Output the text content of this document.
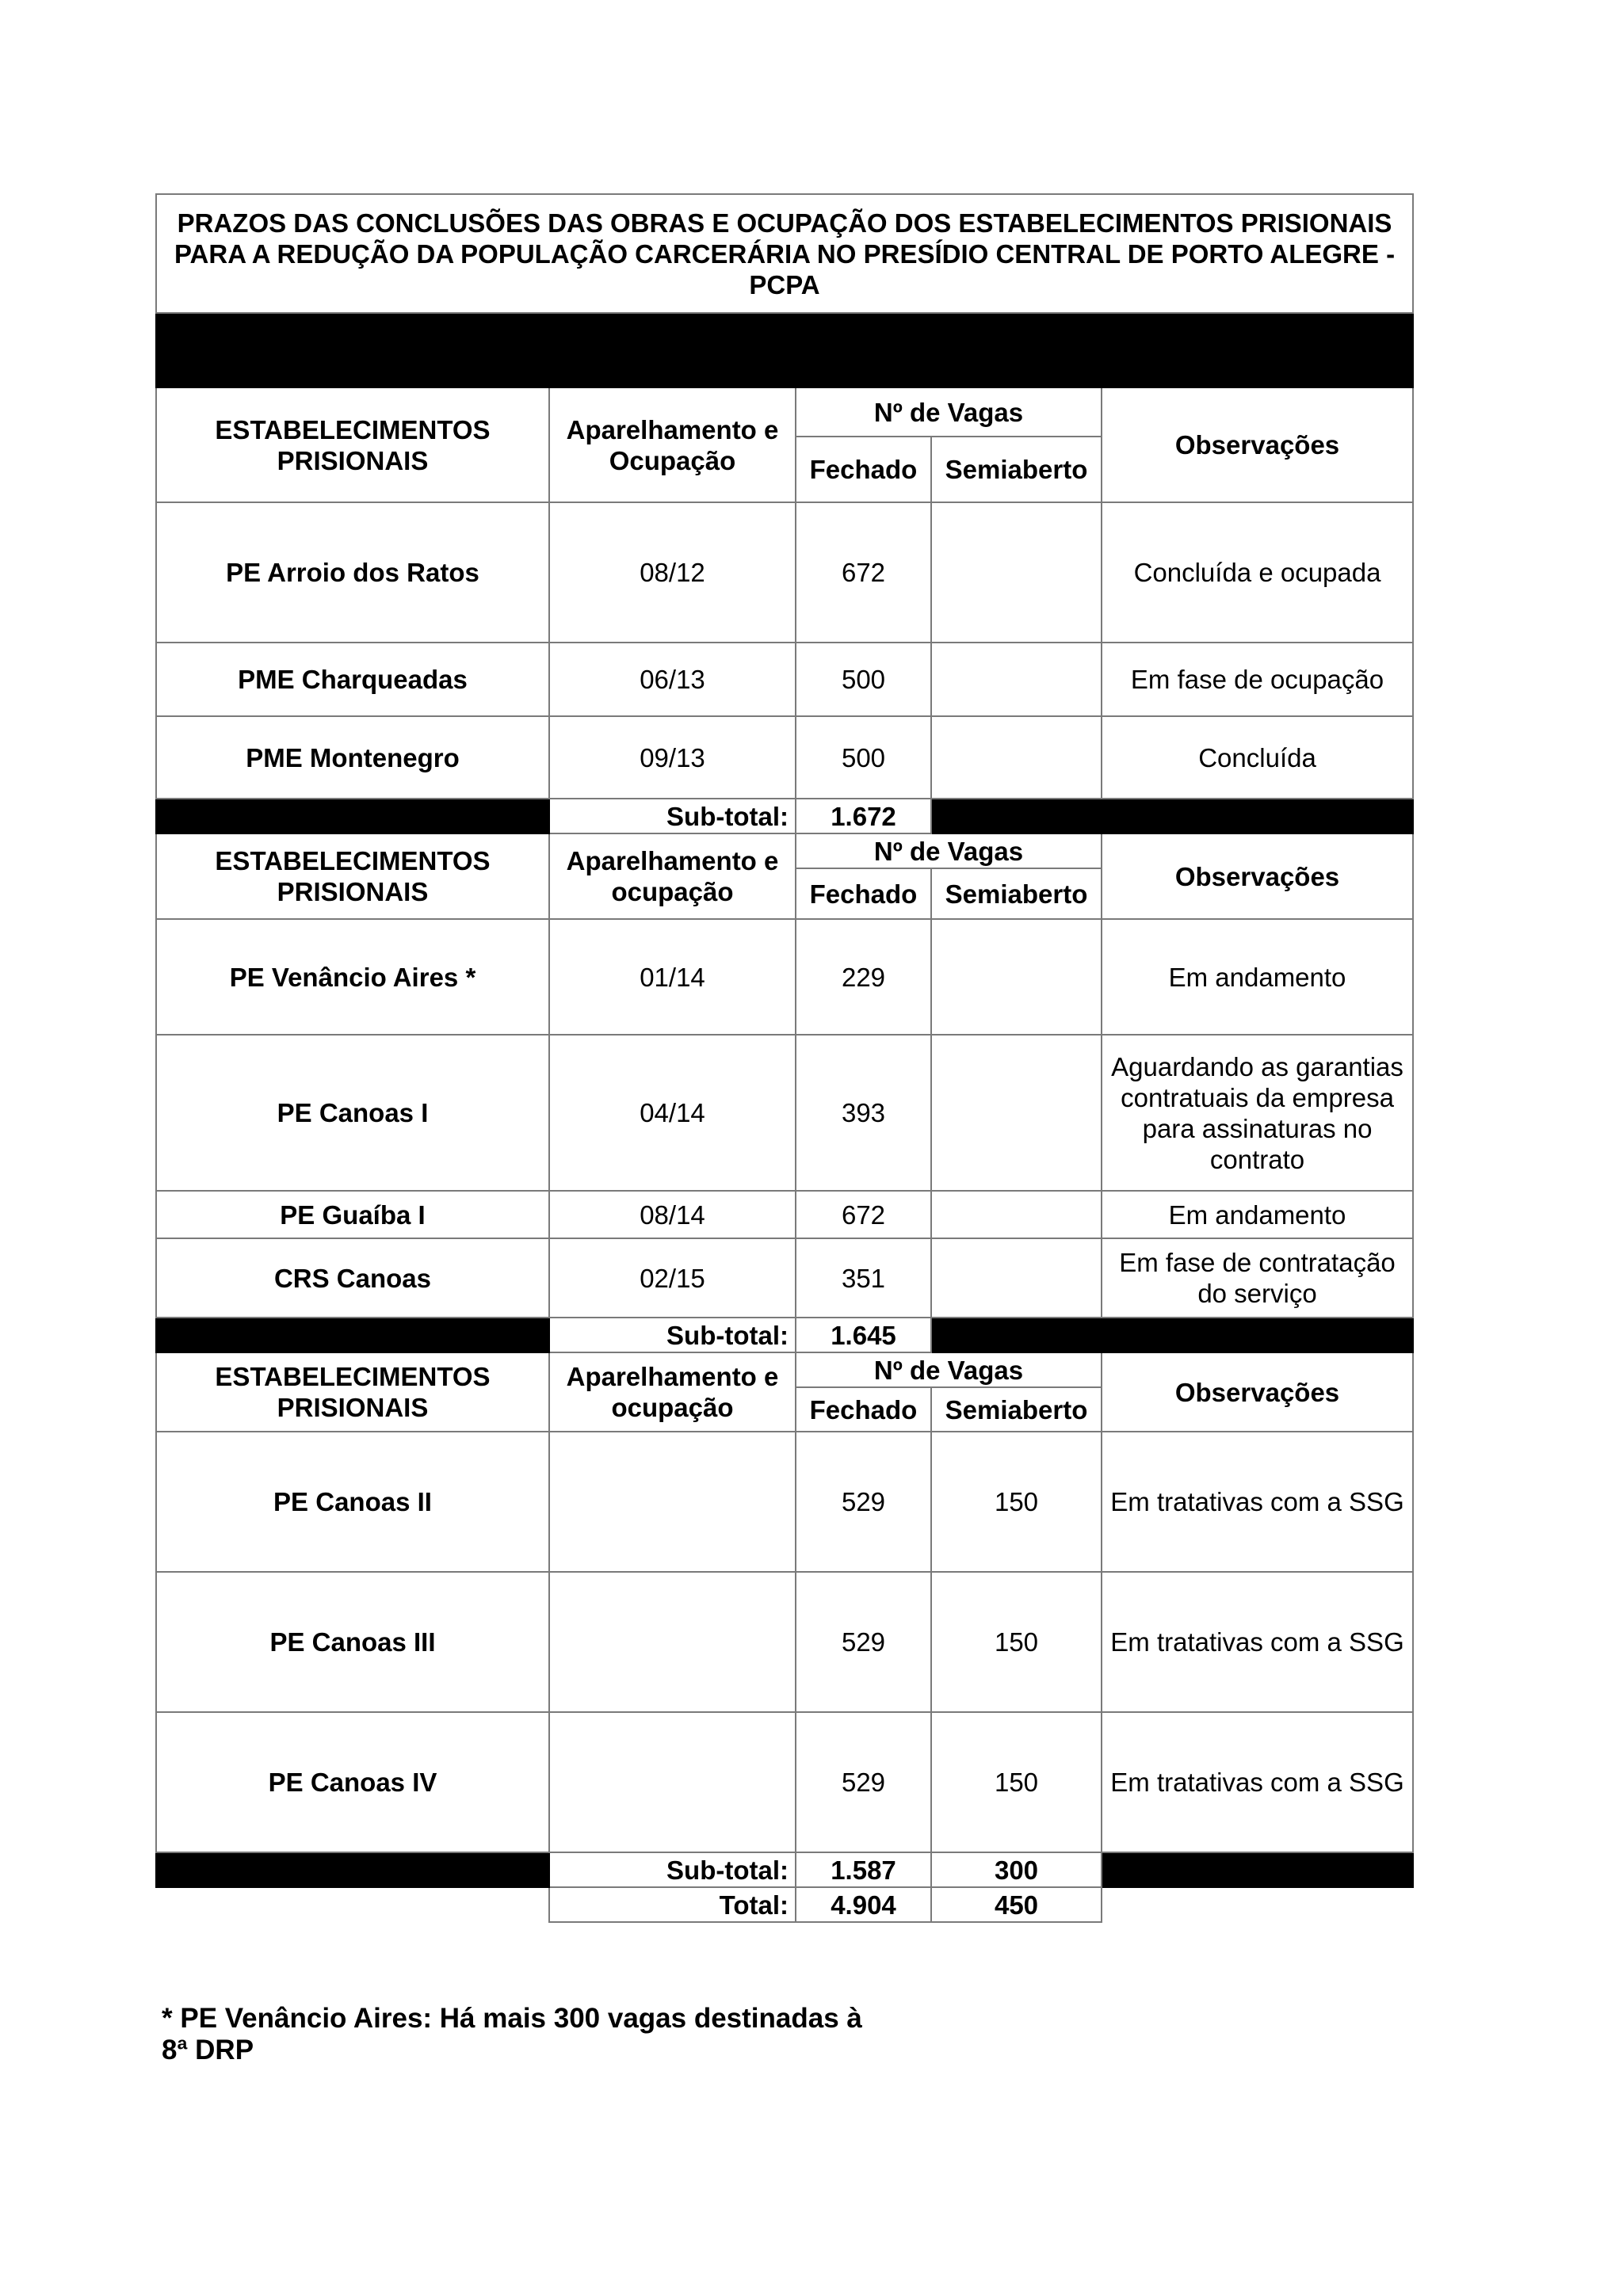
PRAZOS DAS CONCLUSÕES DAS OBRAS E OCUPAÇÃO DOS ESTABELECIMENTOS PRISIONAIS PARA A REDUÇÃO DA POPULAÇÃO CARCERÁRIA NO PRESÍDIO CENTRAL DE PORTO ALEGRE - PCPA				

ESTABELECIMENTOS PRISIONAIS	Aparelhamento e Ocupação	Nº de Vagas		Observações
		Fechado	Semiaberto	
PE Arroio dos Ratos	08/12	672		Concluída e ocupada
PME Charqueadas	06/13	500		Em fase de ocupação
PME Montenegro	09/13	500		Concluída
	Sub-total:	1.672		
ESTABELECIMENTOS PRISIONAIS	Aparelhamento e ocupação	Nº de Vagas		Observações
		Fechado	Semiaberto	
PE Venâncio Aires *	01/14	229		Em andamento
PE Canoas I	04/14	393		Aguardando as garantias contratuais da empresa para assinaturas no contrato
PE Guaíba I	08/14	672		Em andamento
CRS Canoas	02/15	351		Em fase de contratação do serviço
	Sub-total:	1.645		
ESTABELECIMENTOS PRISIONAIS	Aparelhamento e ocupação	Nº de Vagas		Observações
		Fechado	Semiaberto	
PE Canoas II		529	150	Em tratativas com a SSG
PE Canoas III		529	150	Em tratativas com a SSG
PE Canoas IV		529	150	Em tratativas com a SSG
	Sub-total:	1.587	300	
	Total:	4.904	450	
* PE Venâncio Aires: Há mais 300 vagas destinadas à 8ª DRP
